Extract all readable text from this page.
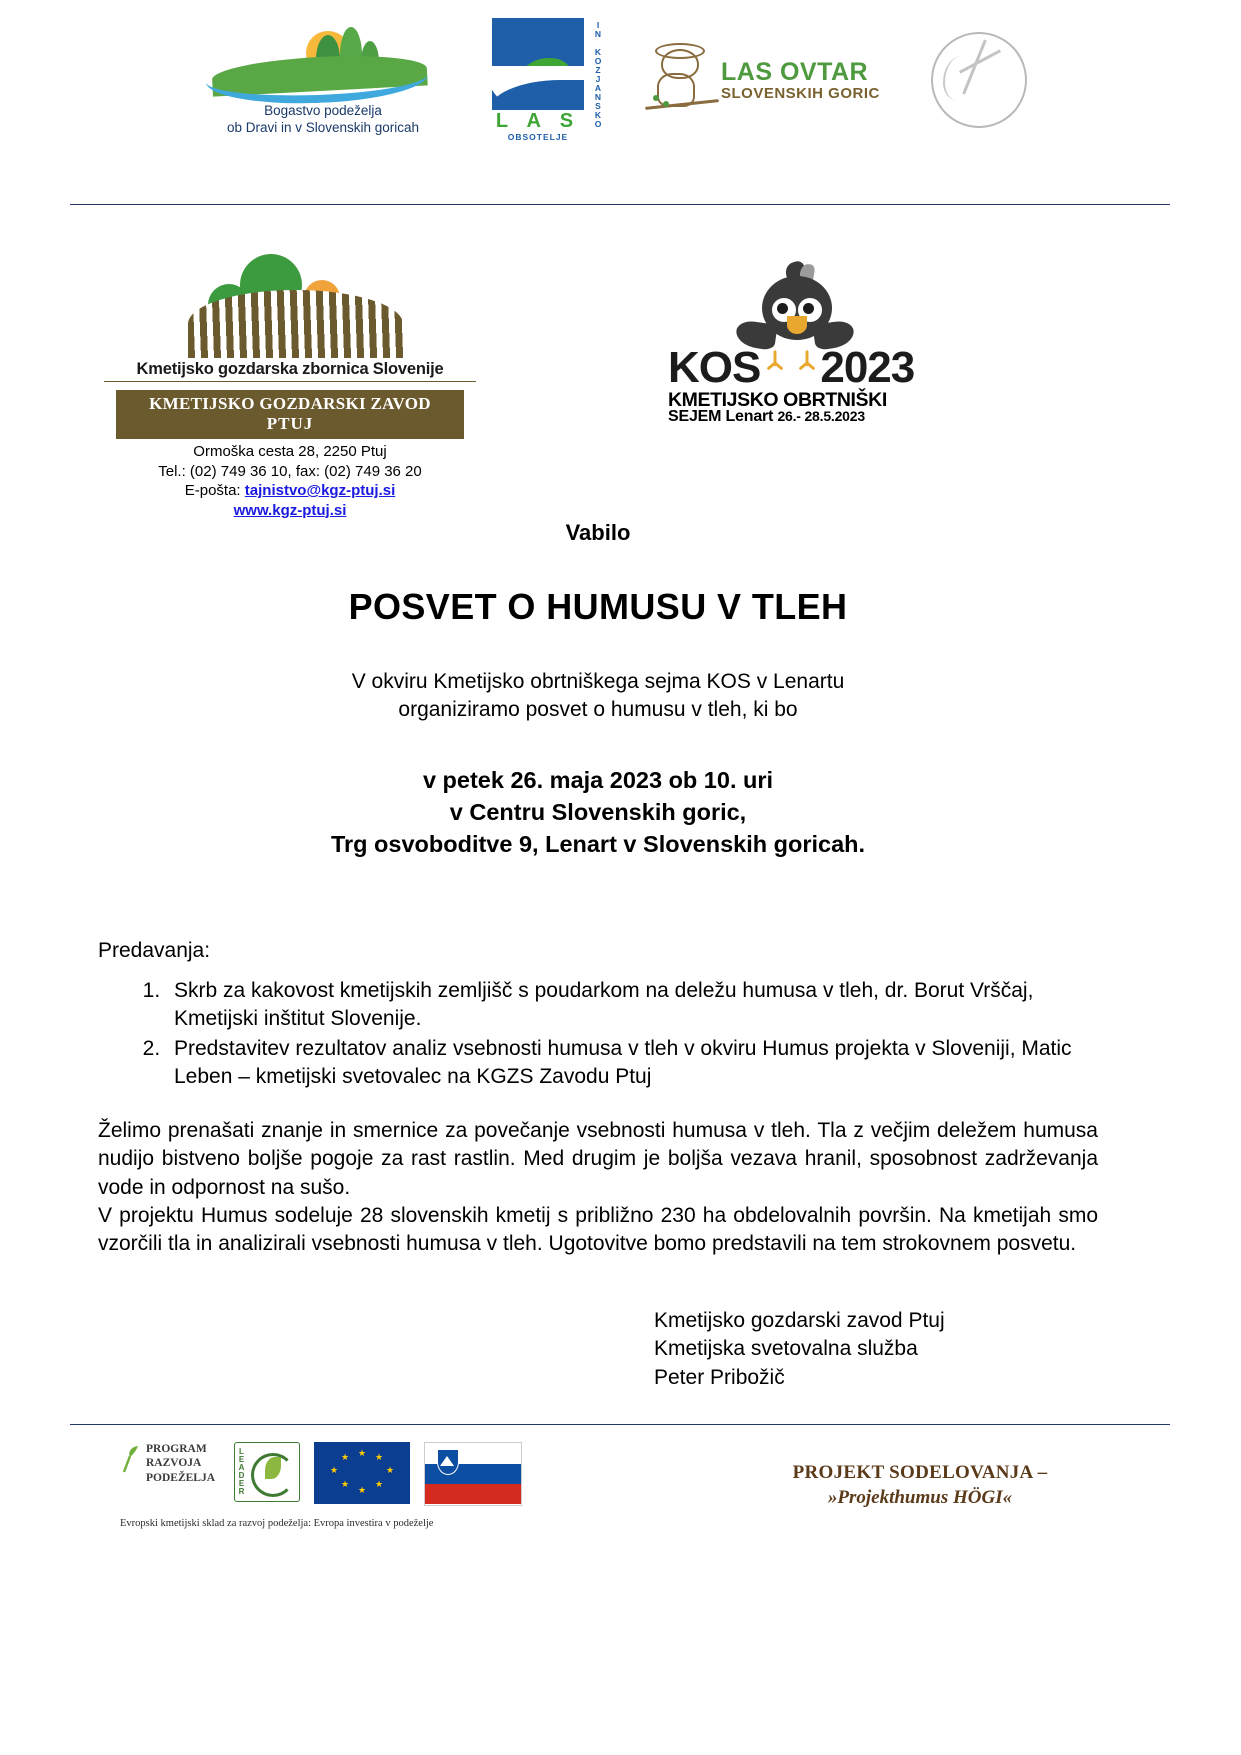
Bogastvo podeželja
ob Dravi in v Slovenskih goricah	L A S
OBSOTELJE
IN KOZJANSKO	LAS OVTAR
SLOVENSKIH GORIC
Kmetijsko gozdarska zbornica Slovenije
KMETIJSKO GOZDARSKI ZAVOD
PTUJ
Ormoška cesta 28, 2250 Ptuj
Tel.: (02) 749 36 10, fax: (02) 749 36 20
E-pošta: tajnistvo@kgz-ptuj.si
www.kgz-ptuj.si
KOS 2023
KMETIJSKO OBRTNIŠKI
SEJEM Lenart 26.- 28.5.2023
Vabilo
POSVET O HUMUSU V TLEH
V okviru Kmetijsko obrtniškega sejma KOS v Lenartu
organiziramo posvet o humusu v tleh, ki bo
v petek 26. maja 2023 ob 10. uri
v Centru Slovenskih goric,
Trg osvoboditve 9, Lenart v Slovenskih goricah.
Predavanja:
1. Skrb za kakovost kmetijskih zemljišč s poudarkom na deležu humusa v tleh, dr. Borut Vrščaj, Kmetijski inštitut Slovenije.
2. Predstavitev rezultatov analiz vsebnosti humusa v tleh v okviru Humus projekta v Sloveniji, Matic Leben – kmetijski svetovalec na KGZS Zavodu Ptuj
Želimo prenašati znanje in smernice za povečanje vsebnosti humusa v tleh. Tla z večjim deležem humusa nudijo bistveno boljše pogoje za rast rastlin. Med drugim je boljša vezava hranil, sposobnost zadrževanja vode in odpornost na sušo.
V projektu Humus sodeluje 28 slovenskih kmetij s približno 230 ha obdelovalnih površin. Na kmetijah smo vzorčili tla in analizirali vsebnosti humusa v tleh. Ugotovitve bomo predstavili na tem strokovnem posvetu.
Kmetijsko gozdarski zavod Ptuj
Kmetijska svetovalna služba
Peter Pribožič
PROGRAM
RAZVOJA
PODEŽELJA	LEADER	★ ★
★
★
★
★
★
★
Evropski kmetijski sklad za razvoj podeželja: Evropa investira v podeželje
PROJEKT SODELOVANJA –
»Projekthumus HÖGI«
